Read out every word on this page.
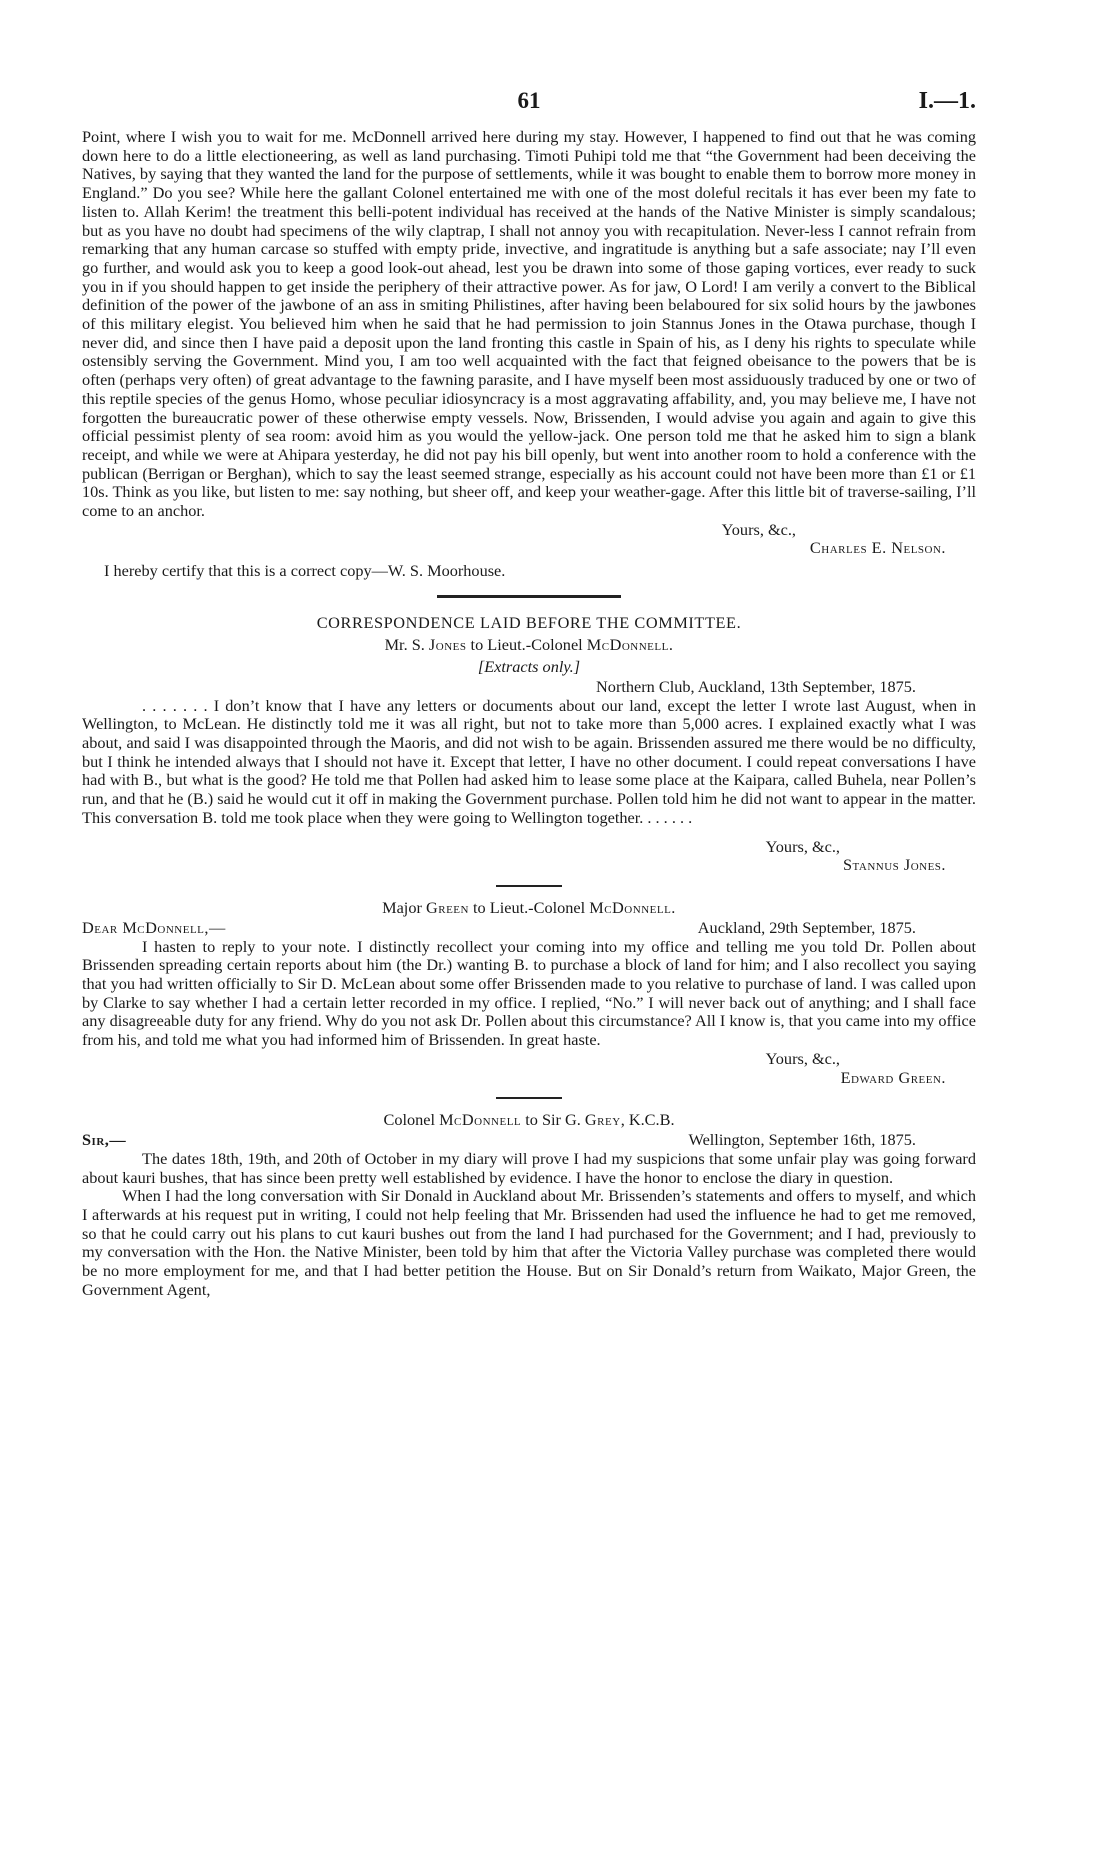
61	I.—1.

Point, where I wish you to wait for me. McDonnell arrived here during my stay. However, I happened to find out that he was coming down here to do a little electioneering, as well as land purchasing. Timoti Puhipi told me that “the Government had been deceiving the Natives, by saying that they wanted the land for the purpose of settlements, while it was bought to enable them to borrow more money in England.” Do you see? While here the gallant Colonel entertained me with one of the most doleful recitals it has ever been my fate to listen to. Allah Kerim! the treatment this belli-potent individual has received at the hands of the Native Minister is simply scandalous; but as you have no doubt had specimens of the wily claptrap, I shall not annoy you with recapitulation. Never-less I cannot refrain from remarking that any human carcase so stuffed with empty pride, invective, and ingratitude is anything but a safe associate; nay I’ll even go further, and would ask you to keep a good look-out ahead, lest you be drawn into some of those gaping vortices, ever ready to suck you in if you should happen to get inside the periphery of their attractive power. As for jaw, O Lord! I am verily a convert to the Biblical definition of the power of the jawbone of an ass in smiting Philistines, after having been belaboured for six solid hours by the jawbones of this military elegist. You believed him when he said that he had permission to join Stannus Jones in the Otawa purchase, though I never did, and since then I have paid a deposit upon the land fronting this castle in Spain of his, as I deny his rights to speculate while ostensibly serving the Government. Mind you, I am too well acquainted with the fact that feigned obeisance to the powers that be is often (perhaps very often) of great advantage to the fawning parasite, and I have myself been most assiduously traduced by one or two of this reptile species of the genus Homo, whose peculiar idiosyncracy is a most aggravating affability, and, you may believe me, I have not forgotten the bureaucratic power of these otherwise empty vessels. Now, Brissenden, I would advise you again and again to give this official pessimist plenty of sea room: avoid him as you would the yellow-jack. One person told me that he asked him to sign a blank receipt, and while we were at Ahipara yesterday, he did not pay his bill openly, but went into another room to hold a conference with the publican (Berrigan or Berghan), which to say the least seemed strange, especially as his account could not have been more than £1 or £1 10s. Think as you like, but listen to me: say nothing, but sheer off, and keep your weather-gage. After this little bit of traverse-sailing, I’ll come to an anchor.

Yours, &c.,

Charles E. Nelson.

I hereby certify that this is a correct copy—W. S. Moorhouse.

CORRESPONDENCE LAID BEFORE THE COMMITTEE.
Mr. S. Jones to Lieut.-Colonel McDonnell.
[Extracts only.]

Northern Club, Auckland, 13th September, 1875.

. . . . . . . I don’t know that I have any letters or documents about our land, except the letter I wrote last August, when in Wellington, to McLean. He distinctly told me it was all right, but not to take more than 5,000 acres. I explained exactly what I was about, and said I was disappointed through the Maoris, and did not wish to be again. Brissenden assured me there would be no difficulty, but I think he intended always that I should not have it. Except that letter, I have no other document. I could repeat conversations I have had with B., but what is the good? He told me that Pollen had asked him to lease some place at the Kaipara, called Buhela, near Pollen’s run, and that he (B.) said he would cut it off in making the Government purchase. Pollen told him he did not want to appear in the matter. This conversation B. told me took place when they were going to Wellington together. . . . . . .

Yours, &c.,

Stannus Jones.

Major Green to Lieut.-Colonel McDonnell.
Dear McDonnell,—	Auckland, 29th September, 1875.

I hasten to reply to your note. I distinctly recollect your coming into my office and telling me you told Dr. Pollen about Brissenden spreading certain reports about him (the Dr.) wanting B. to purchase a block of land for him; and I also recollect you saying that you had written officially to Sir D. McLean about some offer Brissenden made to you relative to purchase of land. I was called upon by Clarke to say whether I had a certain letter recorded in my office. I replied, “No.” I will never back out of anything; and I shall face any disagreeable duty for any friend. Why do you not ask Dr. Pollen about this circumstance? All I know is, that you came into my office from his, and told me what you had informed him of Brissenden. In great haste.

Yours, &c.,

Edward Green.

Colonel McDonnell to Sir G. Grey, K.C.B.
Sir,—	Wellington, September 16th, 1875.

The dates 18th, 19th, and 20th of October in my diary will prove I had my suspicions that some unfair play was going forward about kauri bushes, that has since been pretty well established by evidence. I have the honor to enclose the diary in question.

When I had the long conversation with Sir Donald in Auckland about Mr. Brissenden’s statements and offers to myself, and which I afterwards at his request put in writing, I could not help feeling that Mr. Brissenden had used the influence he had to get me removed, so that he could carry out his plans to cut kauri bushes out from the land I had purchased for the Government; and I had, previously to my conversation with the Hon. the Native Minister, been told by him that after the Victoria Valley purchase was completed there would be no more employment for me, and that I had better petition the House. But on Sir Donald’s return from Waikato, Major Green, the Government Agent,
